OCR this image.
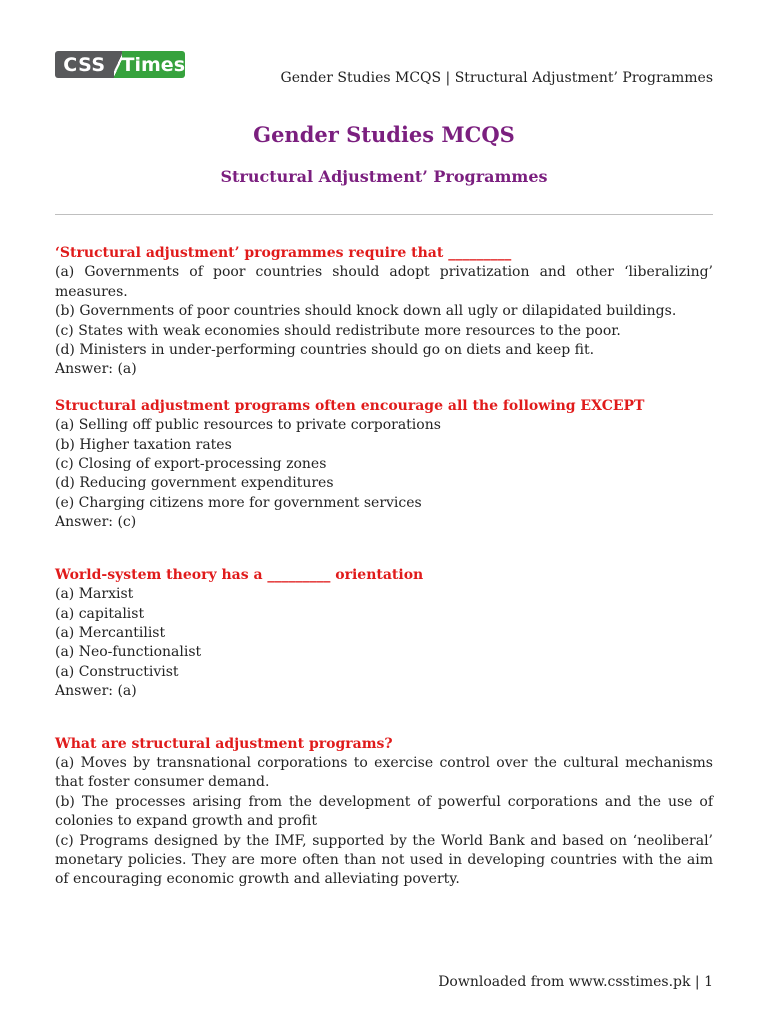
CSS Times
Gender Studies MCQS | Structural Adjustment’ Programmes
Gender Studies MCQS
Structural Adjustment’ Programmes
‘Structural adjustment’ programmes require that _________
(a) Governments of poor countries should adopt privatization and other ‘liberalizing’ measures.
(b) Governments of poor countries should knock down all ugly or dilapidated buildings.
(c) States with weak economies should redistribute more resources to the poor.
(d) Ministers in under-performing countries should go on diets and keep fit.
Answer: (a)
Structural adjustment programs often encourage all the following EXCEPT
(a) Selling off public resources to private corporations
(b) Higher taxation rates
(c) Closing of export-processing zones
(d) Reducing government expenditures
(e) Charging citizens more for government services
Answer: (c)
World-system theory has a _________ orientation
(a) Marxist
(a) capitalist
(a) Mercantilist
(a) Neo-functionalist
(a) Constructivist
Answer: (a)
What are structural adjustment programs?
(a) Moves by transnational corporations to exercise control over the cultural mechanisms that foster consumer demand.
(b) The processes arising from the development of powerful corporations and the use of colonies to expand growth and profit
(c) Programs designed by the IMF, supported by the World Bank and based on ‘neoliberal’ monetary policies. They are more often than not used in developing countries with the aim of encouraging economic growth and alleviating poverty.
Downloaded from www.csstimes.pk | 1
